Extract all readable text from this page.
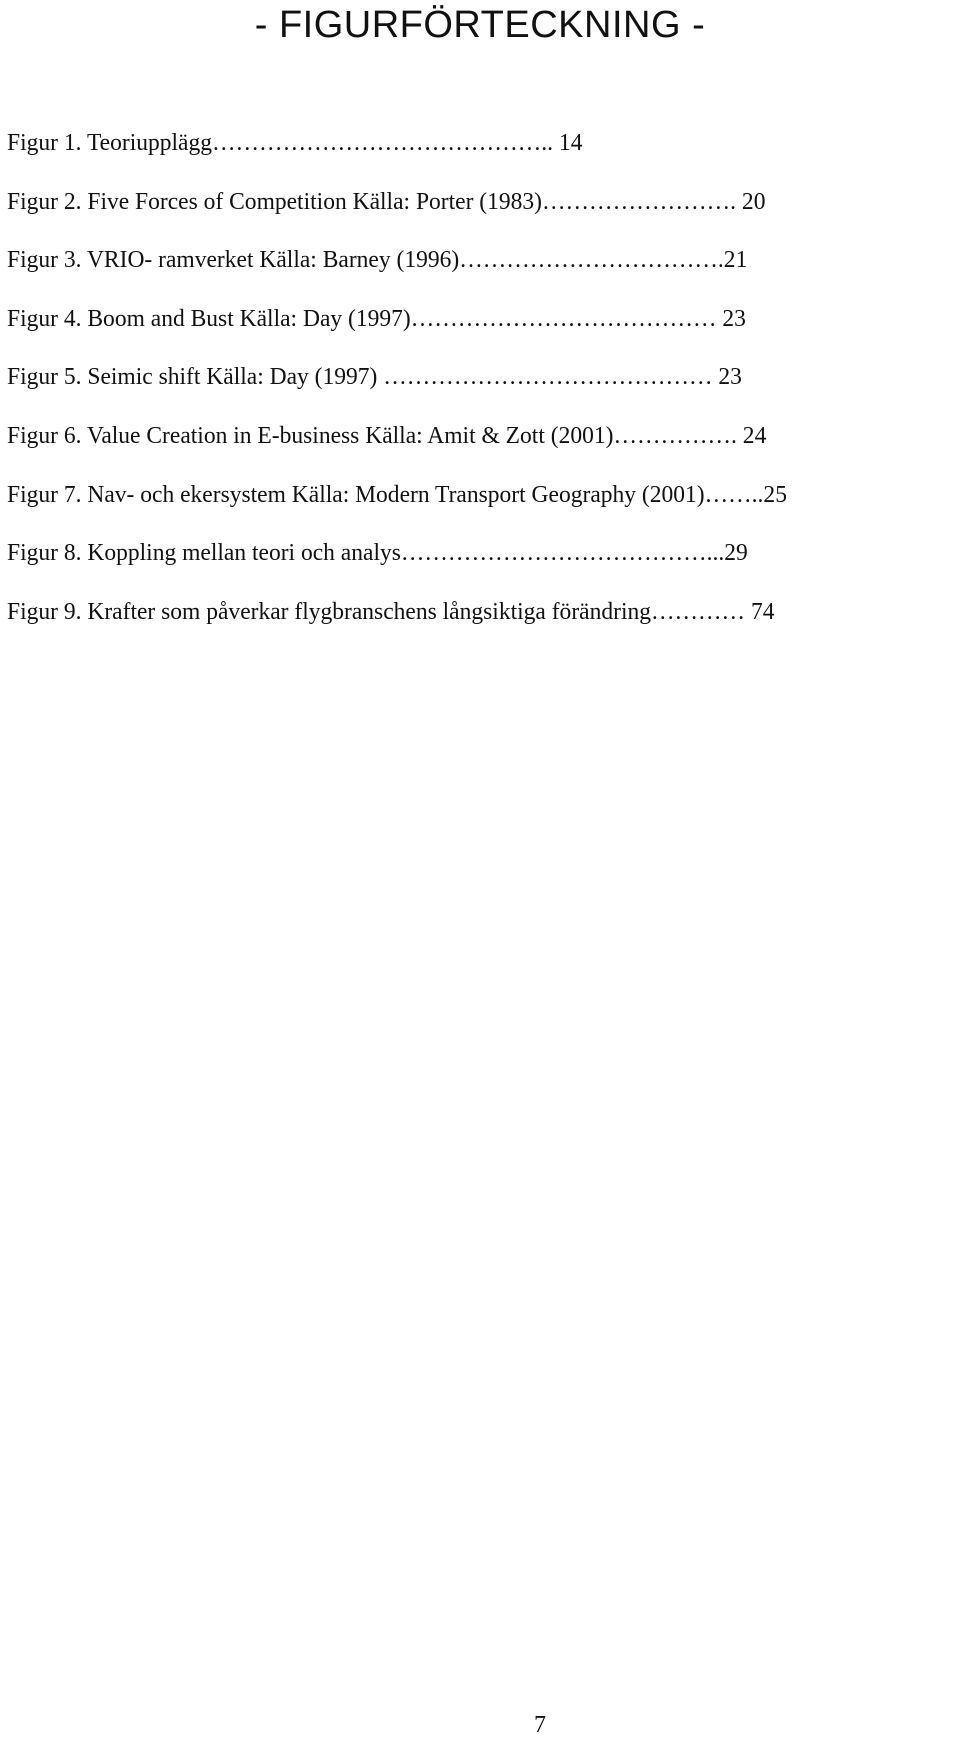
- FIGURFÖRTECKNING -
Figur 1. Teoriupplägg…………………………………….. 14
Figur 2. Five Forces of Competition Källa: Porter (1983)……………………. 20
Figur 3. VRIO- ramverket Källa: Barney (1996)…………………………….21
Figur 4. Boom and Bust Källa: Day (1997)………………………………… 23
Figur 5. Seimic shift Källa: Day (1997) …………………………………… 23
Figur 6. Value Creation in E-business Källa: Amit & Zott (2001)……………. 24
Figur 7. Nav- och ekersystem Källa: Modern Transport Geography (2001)……..25
Figur 8. Koppling mellan teori och analys…………………………………...29
Figur 9. Krafter som påverkar flygbranschens långsiktiga förändring………… 74
7
